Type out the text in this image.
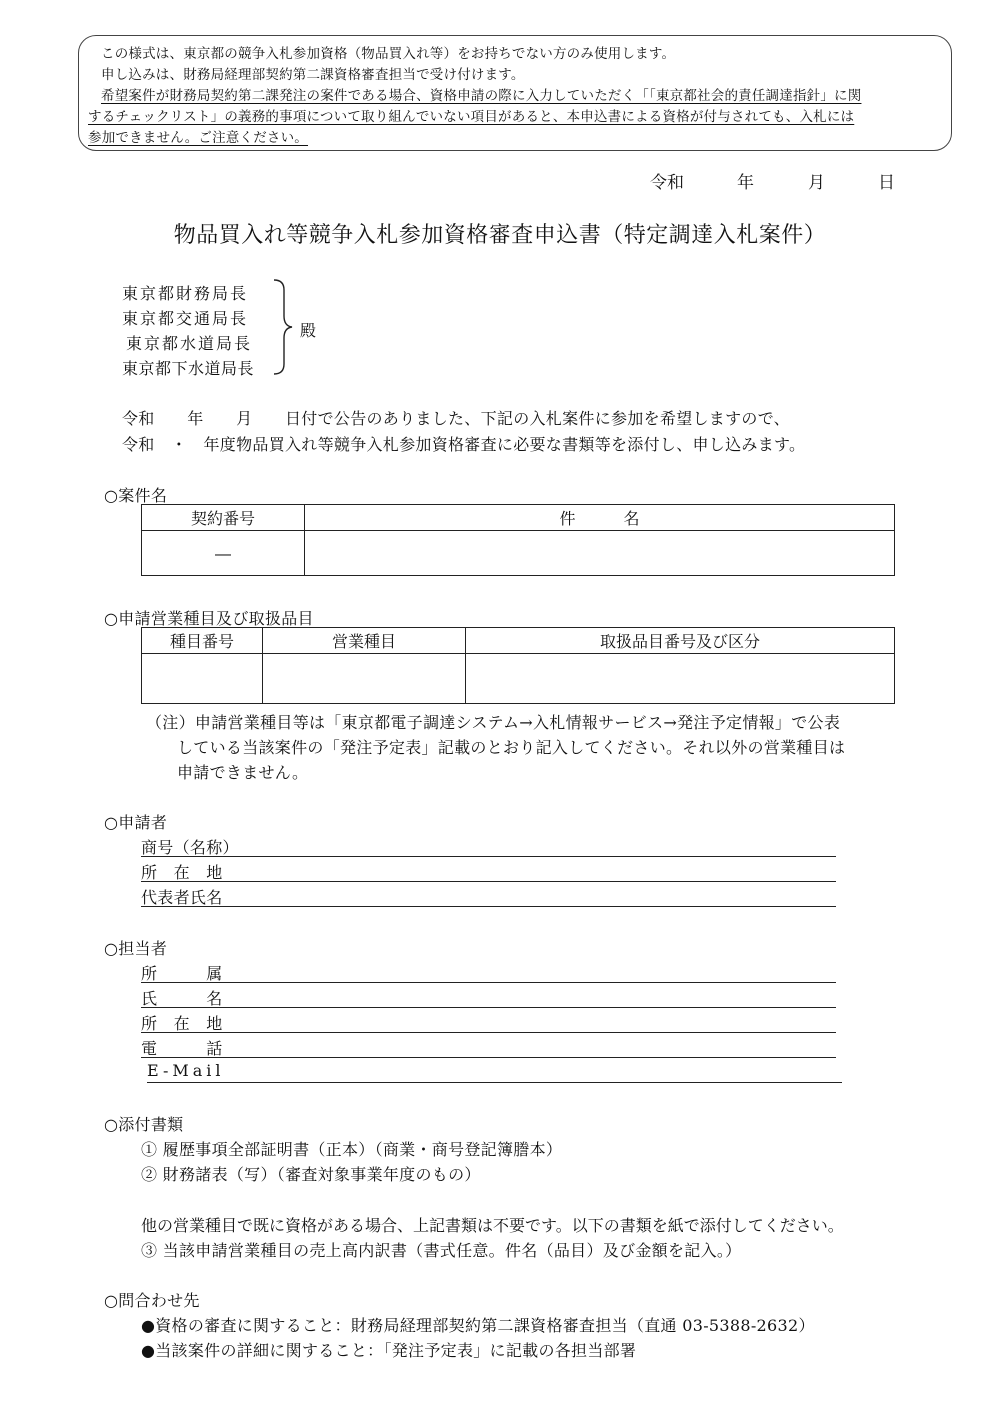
この様式は、東京都の競争入札参加資格（物品買入れ等）をお持ちでない方のみ使用します。
申し込みは、財務局経理部契約第二課資格審査担当で受け付けます。
希望案件が財務局契約第二課発注の案件である場合、資格申請の際に入力していただく「「東京都社会的責任調達指針」に関
するチェックリスト」の義務的事項について取り組んでいない項目があると、本申込書による資格が付与されても、入札には
参加できません。ご注意ください。
令和	年	月	日
物品買入れ等競争入札参加資格審査申込書（特定調達入札案件）
東京都財務局長
東京都交通局長
東京都水道局長
東京都下水道局長
殿
令和　　年　　月　　日付で公告のありました、下記の入札案件に参加を希望しますので、
令和　・　年度物品買入れ等競争入札参加資格審査に必要な書類等を添付し、申し込みます。
○案件名
契約番号	件　　　名
―	
○申請営業種目及び取扱品目
種目番号	営業種目	取扱品目番号及び区分

（注）申請営業種目等は「東京都電子調達システム→入札情報サービス→発注予定情報」で公表
している当該案件の「発注予定表」記載のとおり記入してください。それ以外の営業種目は
申請できません。
○申請者
商号（名称）
所　在　地
代表者氏名
○担当者
所　　　属
氏　　　名
所　在　地
電　　　話
E-Mail
○添付書類
① 履歴事項全部証明書（正本）（商業・商号登記簿謄本）
② 財務諸表（写）（審査対象事業年度のもの）
他の営業種目で既に資格がある場合、上記書類は不要です。以下の書類を紙で添付してください。
③ 当該申請営業種目の売上高内訳書（書式任意。件名（品目）及び金額を記入。）
○問合わせ先
●資格の審査に関すること：財務局経理部契約第二課資格審査担当（直通 03-5388-2632）
●当該案件の詳細に関すること：「発注予定表」に記載の各担当部署
